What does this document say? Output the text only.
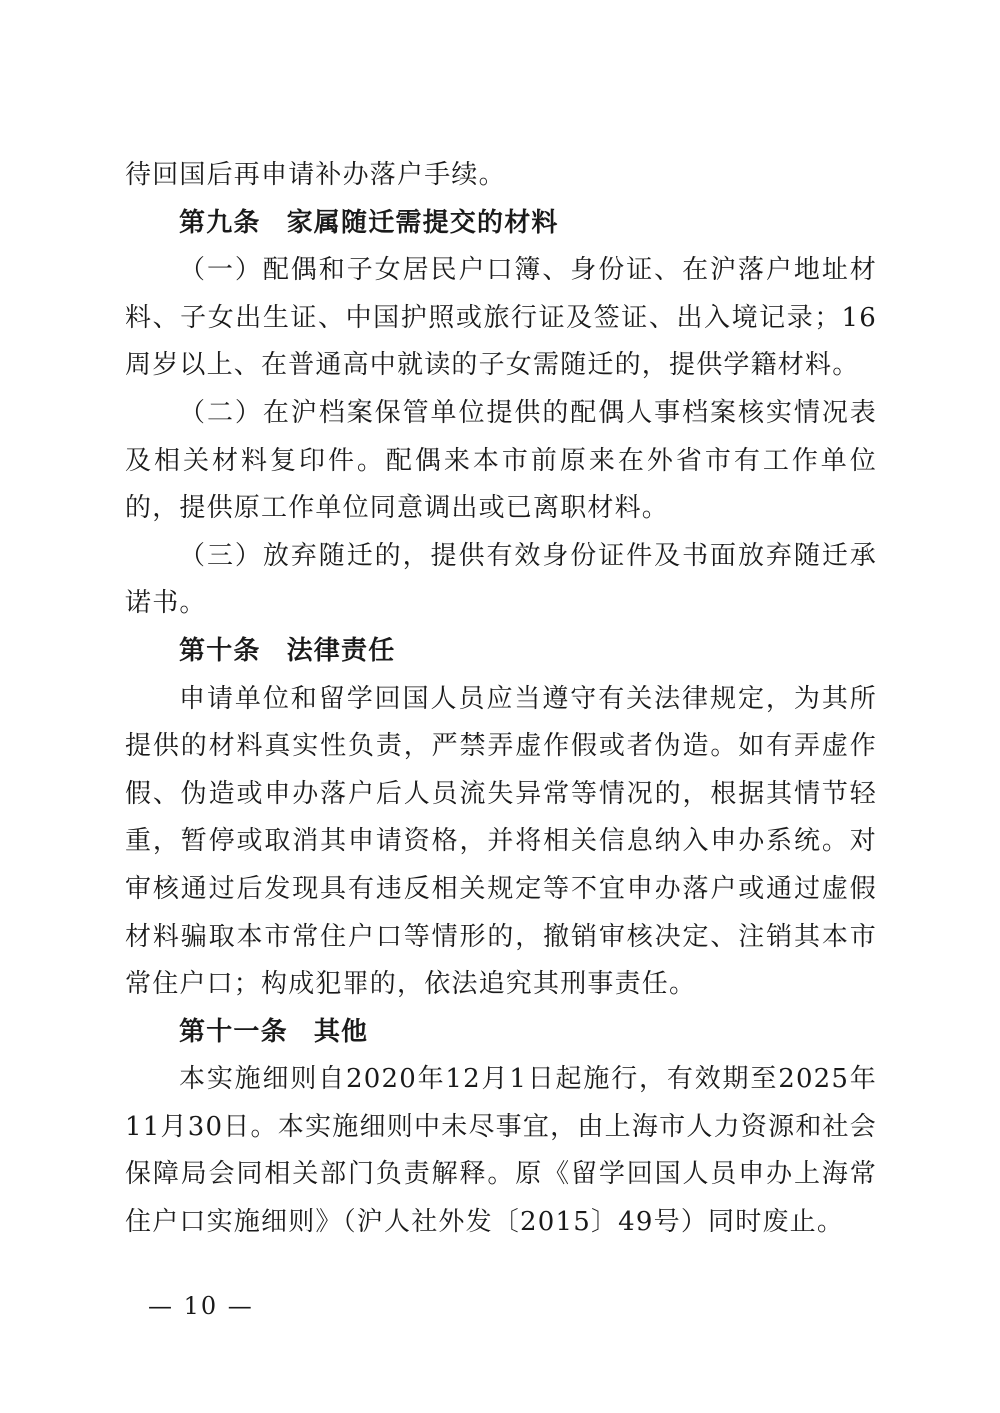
待回国后再申请补办落户手续。

第九条 家属随迁需提交的材料

（一）配偶和子女居民户口簿、身份证、在沪落户地址材料、子女出生证、中国护照或旅行证及签证、出入境记录；16周岁以上、在普通高中就读的子女需随迁的，提供学籍材料。

（二）在沪档案保管单位提供的配偶人事档案核实情况表及相关材料复印件。配偶来本市前原来在外省市有工作单位的，提供原工作单位同意调出或已离职材料。

（三）放弃随迁的，提供有效身份证件及书面放弃随迁承诺书。

第十条 法律责任

申请单位和留学回国人员应当遵守有关法律规定，为其所提供的材料真实性负责，严禁弄虚作假或者伪造。如有弄虚作假、伪造或申办落户后人员流失异常等情况的，根据其情节轻重，暂停或取消其申请资格，并将相关信息纳入申办系统。对审核通过后发现具有违反相关规定等不宜申办落户或通过虚假材料骗取本市常住户口等情形的，撤销审核决定、注销其本市常住户口；构成犯罪的，依法追究其刑事责任。

第十一条 其他

本实施细则自2020年12月1日起施行，有效期至2025年11月30日。本实施细则中未尽事宜，由上海市人力资源和社会保障局会同相关部门负责解释。原《留学回国人员申办上海常住户口实施细则》（沪人社外发〔2015〕49号）同时废止。

— 10 —
